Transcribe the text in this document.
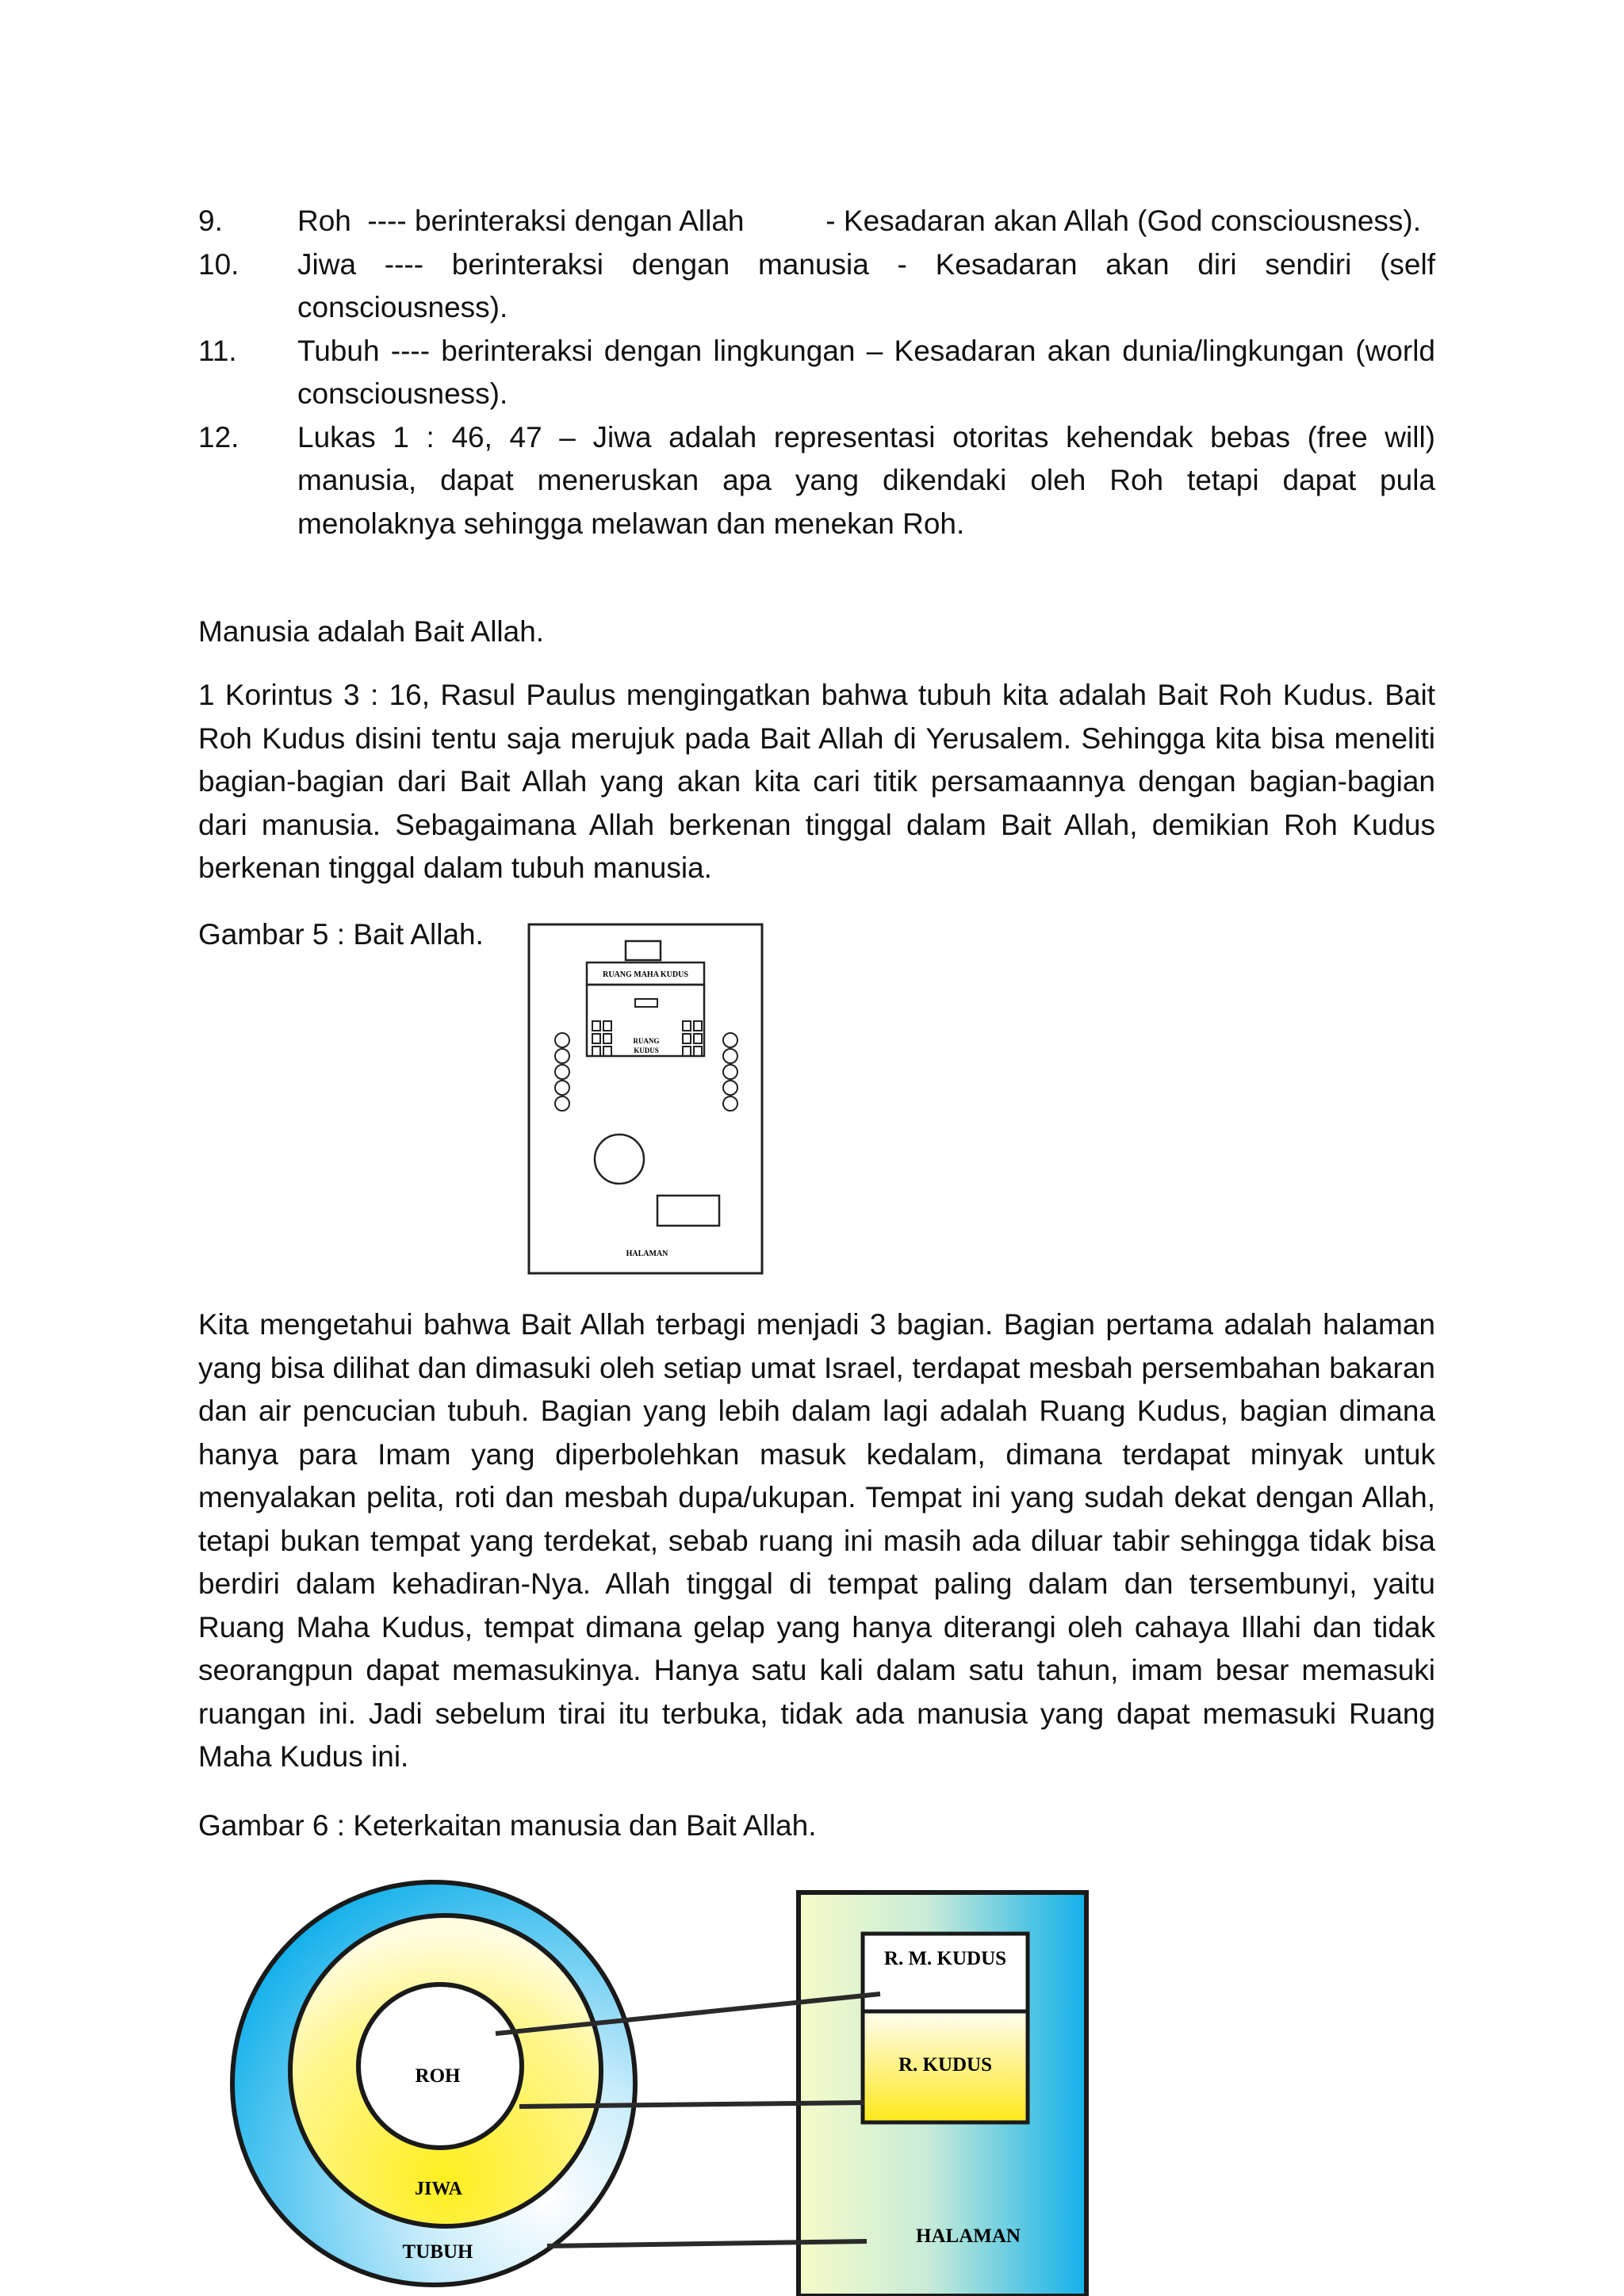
9.	Roh  ---- berinteraksi dengan Allah          - Kesadaran akan Allah (God consciousness).
10.	Jiwa ---- berinteraksi dengan manusia - Kesadaran akan diri sendiri (self consciousness).
11.	Tubuh ---- berinteraksi dengan lingkungan – Kesadaran akan dunia/lingkungan (world consciousness).
12.	Lukas 1 : 46, 47 – Jiwa adalah representasi otoritas kehendak bebas (free will) manusia, dapat meneruskan apa yang dikendaki oleh Roh tetapi dapat pula menolaknya sehingga melawan dan menekan Roh.

Manusia adalah Bait Allah.

1 Korintus 3 : 16, Rasul Paulus mengingatkan bahwa tubuh kita adalah Bait Roh Kudus. Bait Roh Kudus disini tentu saja merujuk pada Bait Allah di Yerusalem. Sehingga kita bisa meneliti bagian-bagian dari Bait Allah yang akan kita cari titik persamaannya dengan bagian-bagian dari manusia. Sebagaimana Allah berkenan tinggal dalam Bait Allah, demikian Roh Kudus berkenan tinggal dalam tubuh manusia.

Gambar 5 : Bait Allah.

RUANG MAHA KUDUS
RUANG
KUDUS
HALAMAN

Kita mengetahui bahwa Bait Allah terbagi menjadi 3 bagian. Bagian pertama adalah halaman yang bisa dilihat dan dimasuki oleh setiap umat Israel, terdapat mesbah persembahan bakaran dan air pencucian tubuh. Bagian yang lebih dalam lagi adalah Ruang Kudus, bagian dimana hanya para Imam yang diperbolehkan masuk kedalam, dimana terdapat minyak untuk menyalakan pelita, roti dan mesbah dupa/ukupan. Tempat ini yang sudah dekat dengan Allah, tetapi bukan tempat yang terdekat, sebab ruang ini masih ada diluar tabir sehingga tidak bisa berdiri dalam kehadiran-Nya. Allah tinggal di tempat paling dalam dan tersembunyi, yaitu Ruang Maha Kudus, tempat dimana gelap yang hanya diterangi oleh cahaya Illahi dan tidak seorangpun dapat memasukinya. Hanya satu kali dalam satu tahun, imam besar memasuki ruangan ini. Jadi sebelum tirai itu terbuka, tidak ada manusia yang dapat memasuki Ruang Maha Kudus ini.

Gambar 6 : Keterkaitan manusia dan Bait Allah.

ROH
JIWA
TUBUH
R. M. KUDUS
R. KUDUS
HALAMAN
